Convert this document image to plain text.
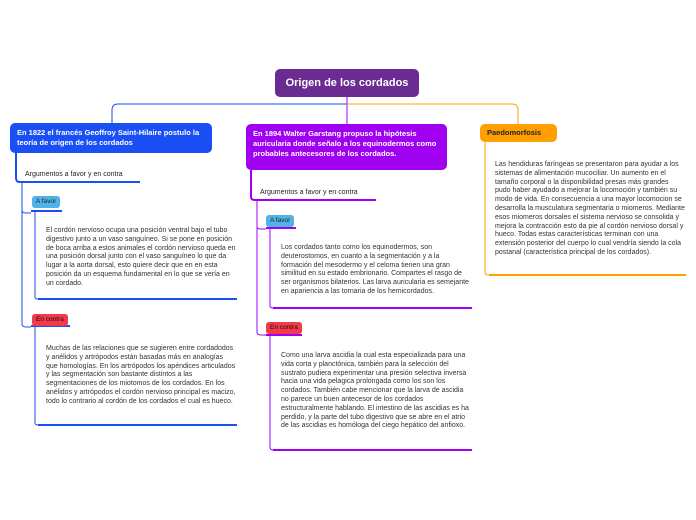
Origen de los cordados
En 1822 el francés Geoffroy Saint-Hilaire postulo la teoría de origen de los cordados
Argumentos a favor y en contra
A favor
El cordón nervioso ocupa una posición ventral bajo el tubo digestivo junto a un vaso sanguíneo. Si se pone en posición de boca arriba a estos animales el cordón nervioso queda en una posición dorsal junto con el vaso sanguíneo lo que da lugar a la aorta dorsal, esto quiere decir que en en esta posición da un esquema fundamental en lo que se vería en un cordado.
En contra
Muchas de las relaciones que se sugieren entre cordadodos y anélidos y artrópodos están basadas más en analogías que homologías. En los artrópodos los apéndices articulados y las segmentación son bastante distintos a las segmentaciones de los miotomos de los cordados. En los anélidos y artrópodos el cordón nervioso principal es macizo, todo lo contrario al cordón de los cordados el cual es hueco.
En 1894 Walter Garstang propuso la hipótesis auricularia donde señalo a los equinodermos como probables antecesores de los cordados.
Argumentos a favor y en contra
A favor
Los cordados tanto como los equinodermos, son deuterostomos, en cuanto a la segmentación y a la formación del mesodermo y el celoma tienen una gran similitud en su estado embrionario. Compartes el rasgo de ser organismos bilaterios. Las larva auricularia es semejante en apariencia a las tornaria de los hemicordados.
En contra
Como una larva ascidia la cual esta especializada para una vida corta y planctónica, también para la selección del sustrato pudiera experimentar una presión selectiva inversa hacia una vida pelagica prolongada como los son los cordados. También cabe mencionar que la larva de ascidia no parece un buen antecesor de los cordados estructuralmente hablando. El intestino de las ascidias es ha perdido, y la parte del tubo digestivo que se abre en el atrio de las ascidias es homóloga del ciego hepático del anfioxo.
Paedomorfosis
Las hendiduras faríngeas se presentaron para ayudar a los sistemas de alimentación mucociliar. Un aumento en el tamaño corporal o la disponibilidad presas más grandes pudo haber ayudado a mejorar la locomoción y también su modo de vida. En consecuencia a una mayor locomocion se desarrolla la musculatura segmentaria o miomeros. Mediante esos miomeros dorsales el sistema nervioso se consolida y mejora la contracción esto da pie al cordón nervioso dorsal y hueco. Todas estas características terminan con una extensión posterior del cuerpo lo cual vendría siendo la cola postanal (característica principal de los cordados).
